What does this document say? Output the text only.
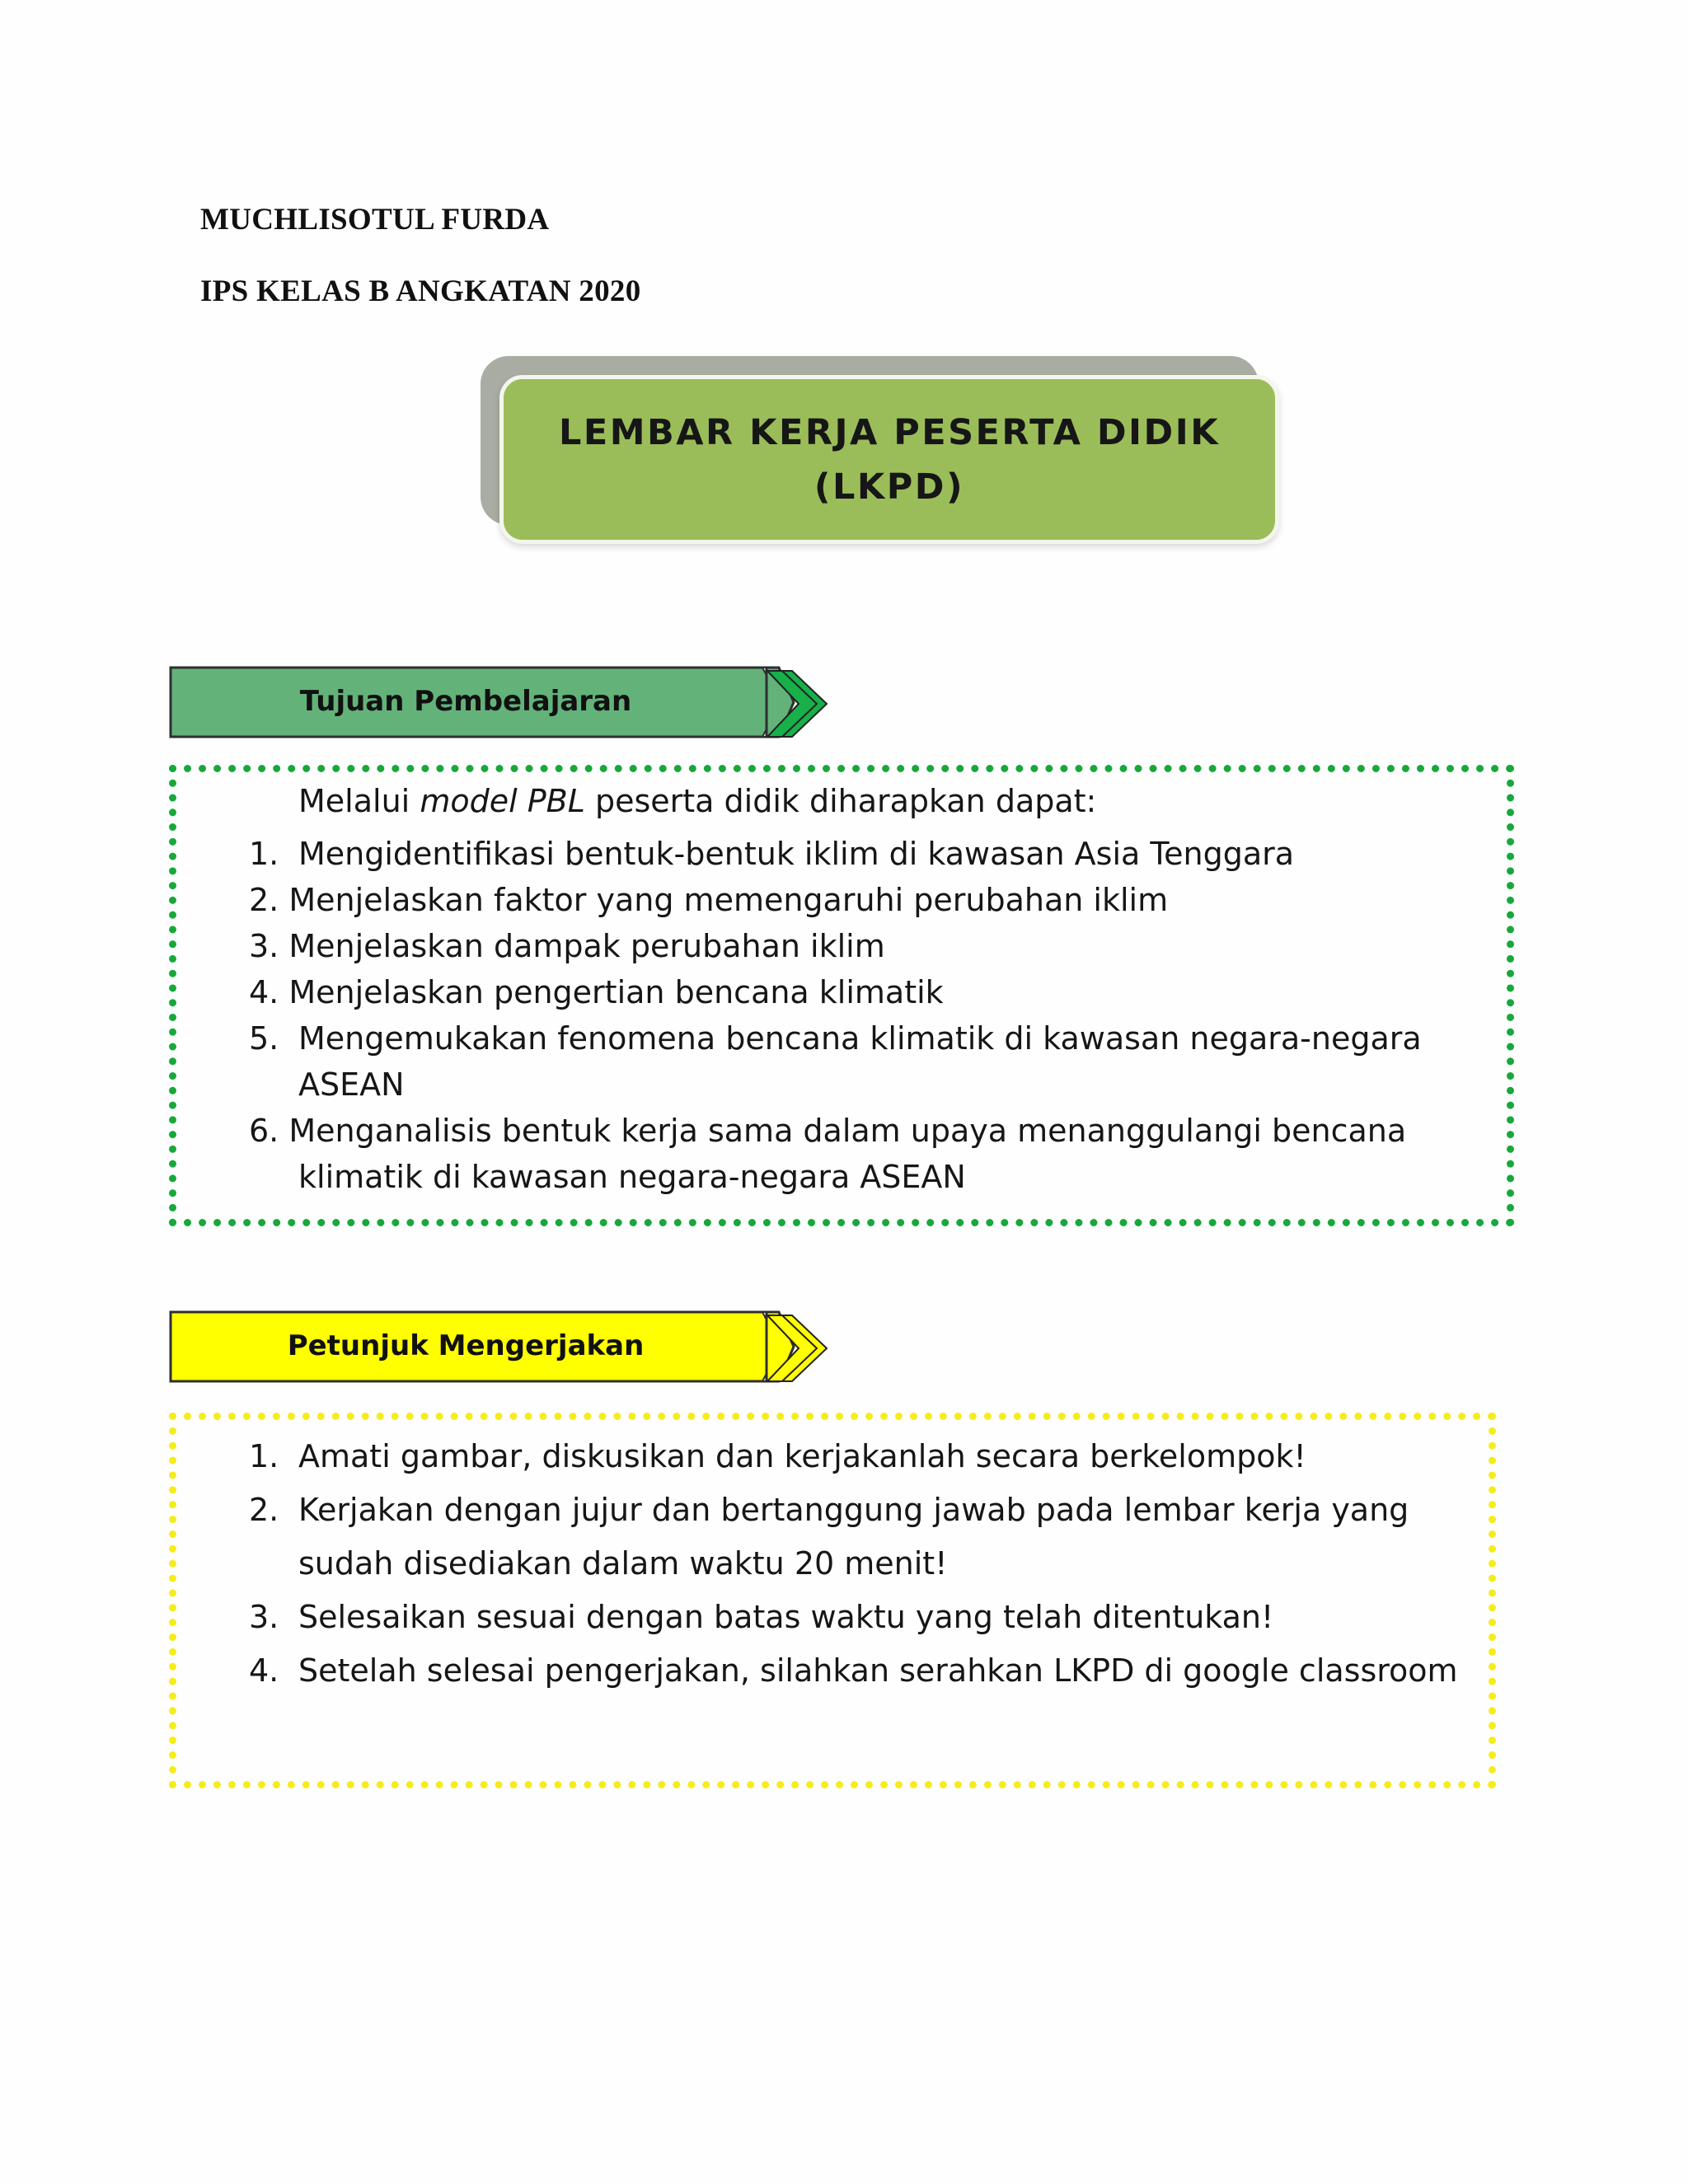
MUCHLISOTUL FURDA
IPS KELAS B ANGKATAN 2020
LEMBAR KERJA PESERTA DIDIK
(LKPD)
Tujuan Pembelajaran
Melalui model PBL peserta didik diharapkan dapat:
1. Mengidentifikasi bentuk-bentuk iklim di kawasan Asia Tenggara
2. Menjelaskan faktor yang memengaruhi perubahan iklim
3. Menjelaskan dampak perubahan iklim
4. Menjelaskan pengertian bencana klimatik
5. Mengemukakan fenomena bencana klimatik di kawasan negara-negara
ASEAN
6. Menganalisis bentuk kerja sama dalam upaya menanggulangi bencana
klimatik di kawasan negara-negara ASEAN
Petunjuk Mengerjakan
1. Amati gambar, diskusikan dan kerjakanlah secara berkelompok!
2. Kerjakan dengan jujur dan bertanggung jawab pada lembar kerja yang
sudah disediakan dalam waktu 20 menit!
3. Selesaikan sesuai dengan batas waktu yang telah ditentukan!
4. Setelah selesai pengerjakan, silahkan serahkan LKPD di google classroom
